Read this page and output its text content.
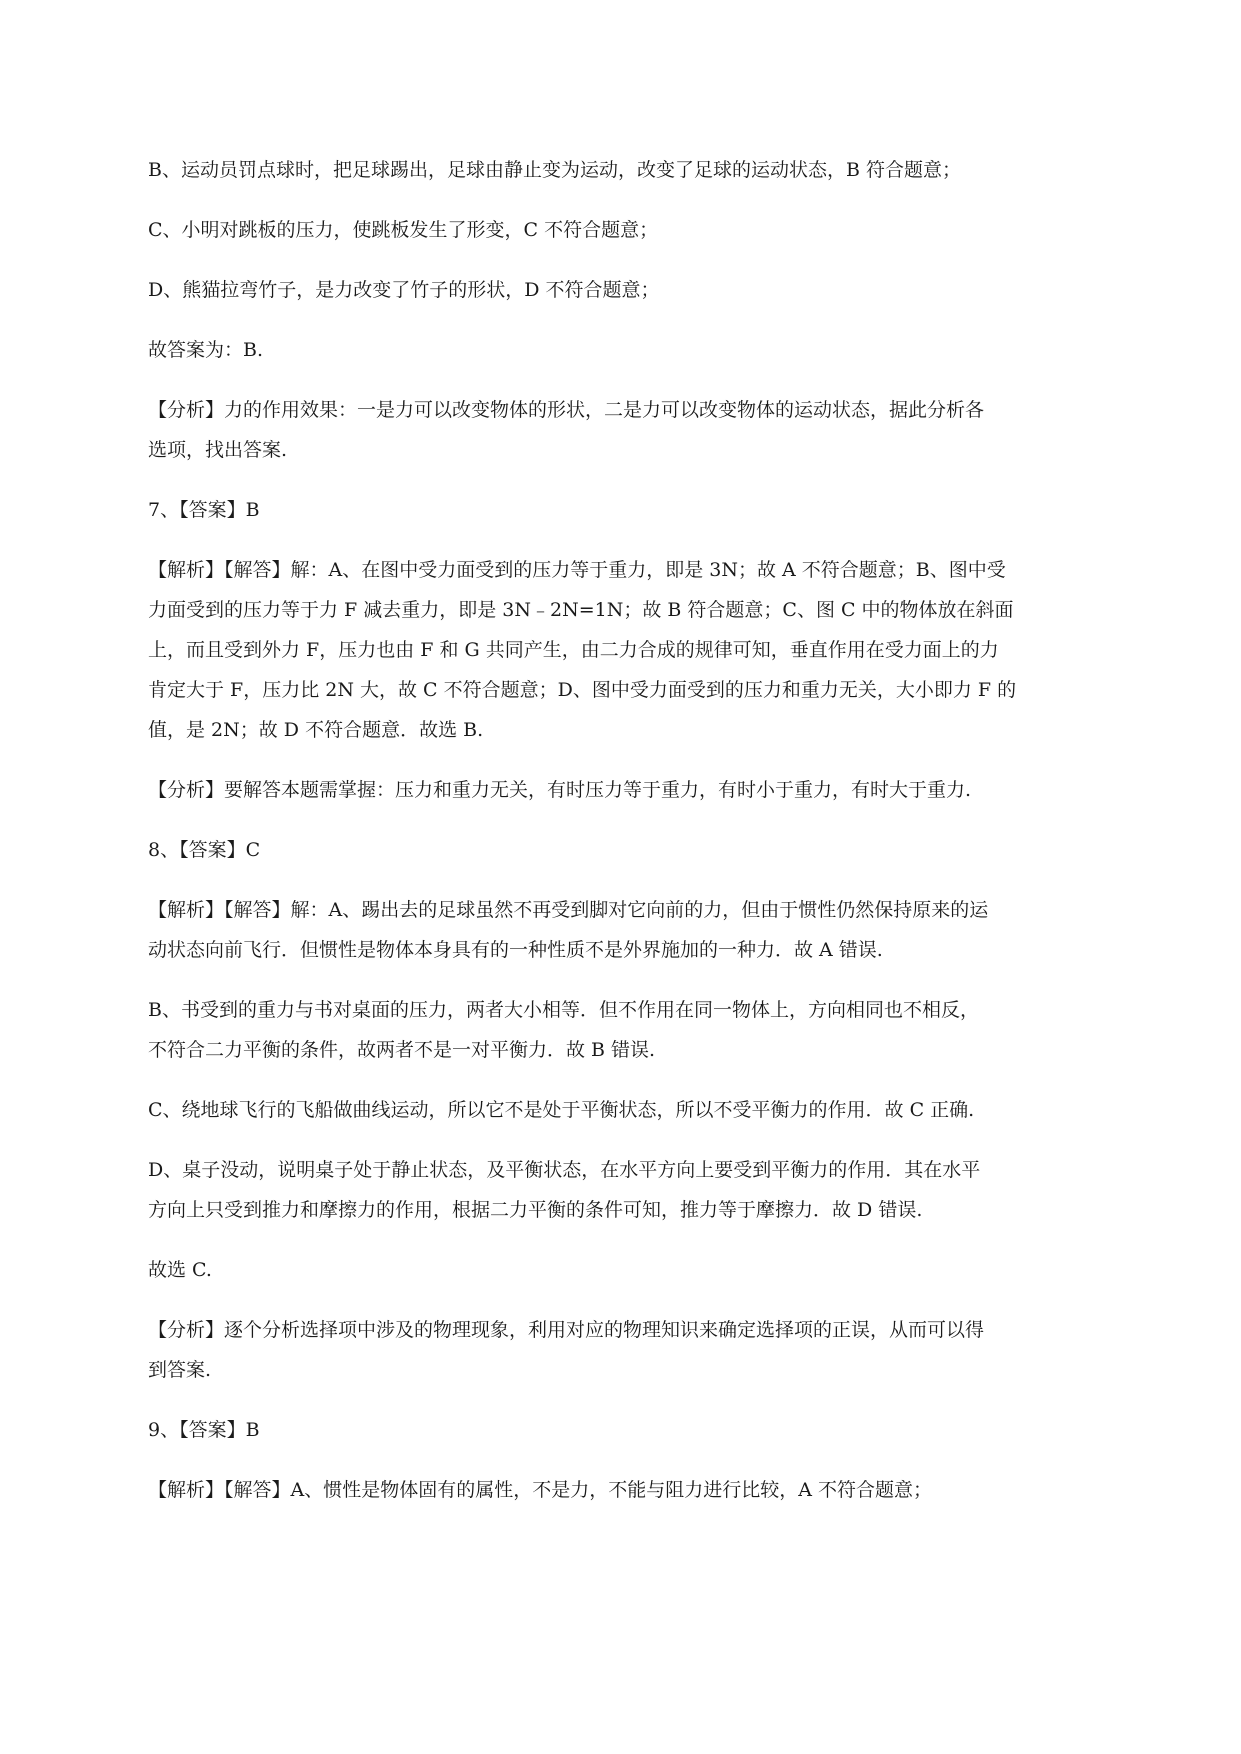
B、运动员罚点球时，把足球踢出，足球由静止变为运动，改变了足球的运动状态，B 符合题意；

C、小明对跳板的压力，使跳板发生了形变，C 不符合题意；

D、熊猫拉弯竹子，是力改变了竹子的形状，D 不符合题意；

故答案为：B.

【分析】力的作用效果：一是力可以改变物体的形状，二是力可以改变物体的运动状态，据此分析各
选项，找出答案.

7、【答案】B

【解析】【解答】解：A、在图中受力面受到的压力等于重力，即是 3N；故 A 不符合题意；B、图中受
力面受到的压力等于力 F 减去重力，即是 3N﹣2N=1N；故 B 符合题意；C、图 C 中的物体放在斜面
上，而且受到外力 F，压力也由 F 和 G 共同产生，由二力合成的规律可知，垂直作用在受力面上的力
肯定大于 F，压力比 2N 大，故 C 不符合题意；D、图中受力面受到的压力和重力无关，大小即力 F 的
值，是 2N；故 D 不符合题意．故选 B.

【分析】要解答本题需掌握：压力和重力无关，有时压力等于重力，有时小于重力，有时大于重力.

8、【答案】C

【解析】【解答】解：A、踢出去的足球虽然不再受到脚对它向前的力，但由于惯性仍然保持原来的运
动状态向前飞行．但惯性是物体本身具有的一种性质不是外界施加的一种力．故 A 错误.

B、书受到的重力与书对桌面的压力，两者大小相等．但不作用在同一物体上，方向相同也不相反，
不符合二力平衡的条件，故两者不是一对平衡力．故 B 错误.

C、绕地球飞行的飞船做曲线运动，所以它不是处于平衡状态，所以不受平衡力的作用．故 C 正确.

D、桌子没动，说明桌子处于静止状态，及平衡状态，在水平方向上要受到平衡力的作用．其在水平
方向上只受到推力和摩擦力的作用，根据二力平衡的条件可知，推力等于摩擦力．故 D 错误.

故选 C.

【分析】逐个分析选择项中涉及的物理现象，利用对应的物理知识来确定选择项的正误，从而可以得
到答案.

9、【答案】B

【解析】【解答】A、惯性是物体固有的属性，不是力，不能与阻力进行比较，A 不符合题意；
